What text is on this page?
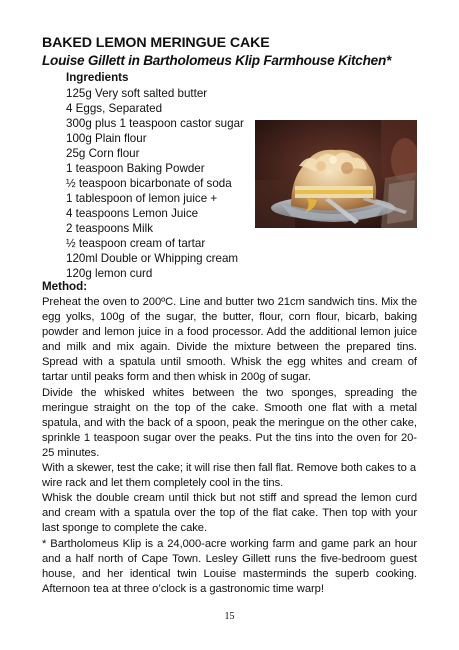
BAKED LEMON MERINGUE CAKE
Louise Gillett in Bartholomeus Klip Farmhouse Kitchen*
Ingredients
125g Very soft salted butter
4 Eggs, Separated
300g plus 1 teaspoon castor sugar
100g Plain flour
25g Corn flour
1 teaspoon Baking Powder
½ teaspoon bicarbonate of soda
1 tablespoon of lemon juice +
4 teaspoons Lemon Juice
2 teaspoons Milk
½ teaspoon cream of tartar
120ml Double or Whipping cream
120g lemon curd
Method:

Preheat the oven to 200ºC. Line and butter two 21cm sandwich tins. Mix the egg yolks, 100g of the sugar, the butter, flour, corn flour, bicarb, baking powder and lemon juice in a food processor. Add the additional lemon juice and milk and mix again. Divide the mixture between the prepared tins. Spread with a spatula until smooth. Whisk the egg whites and cream of tartar until peaks form and then whisk in 200g of sugar.

Divide the whisked whites between the two sponges, spreading the meringue straight on the top of the cake. Smooth one flat with a metal spatula, and with the back of a spoon, peak the meringue on the other cake, sprinkle 1 teaspoon sugar over the peaks. Put the tins into the oven for 20-25 minutes.

With a skewer, test the cake; it will rise then fall flat. Remove both cakes to a wire rack and let them completely cool in the tins.

Whisk the double cream until thick but not stiff and spread the lemon curd and cream with a spatula over the top of the flat cake. Then top with your last sponge to complete the cake.

* Bartholomeus Klip is a 24,000-acre working farm and game park an hour and a half north of Cape Town. Lesley Gillett runs the five-bedroom guest house, and her identical twin Louise masterminds the superb cooking. Afternoon tea at three o’clock is a gastronomic time warp!

15
